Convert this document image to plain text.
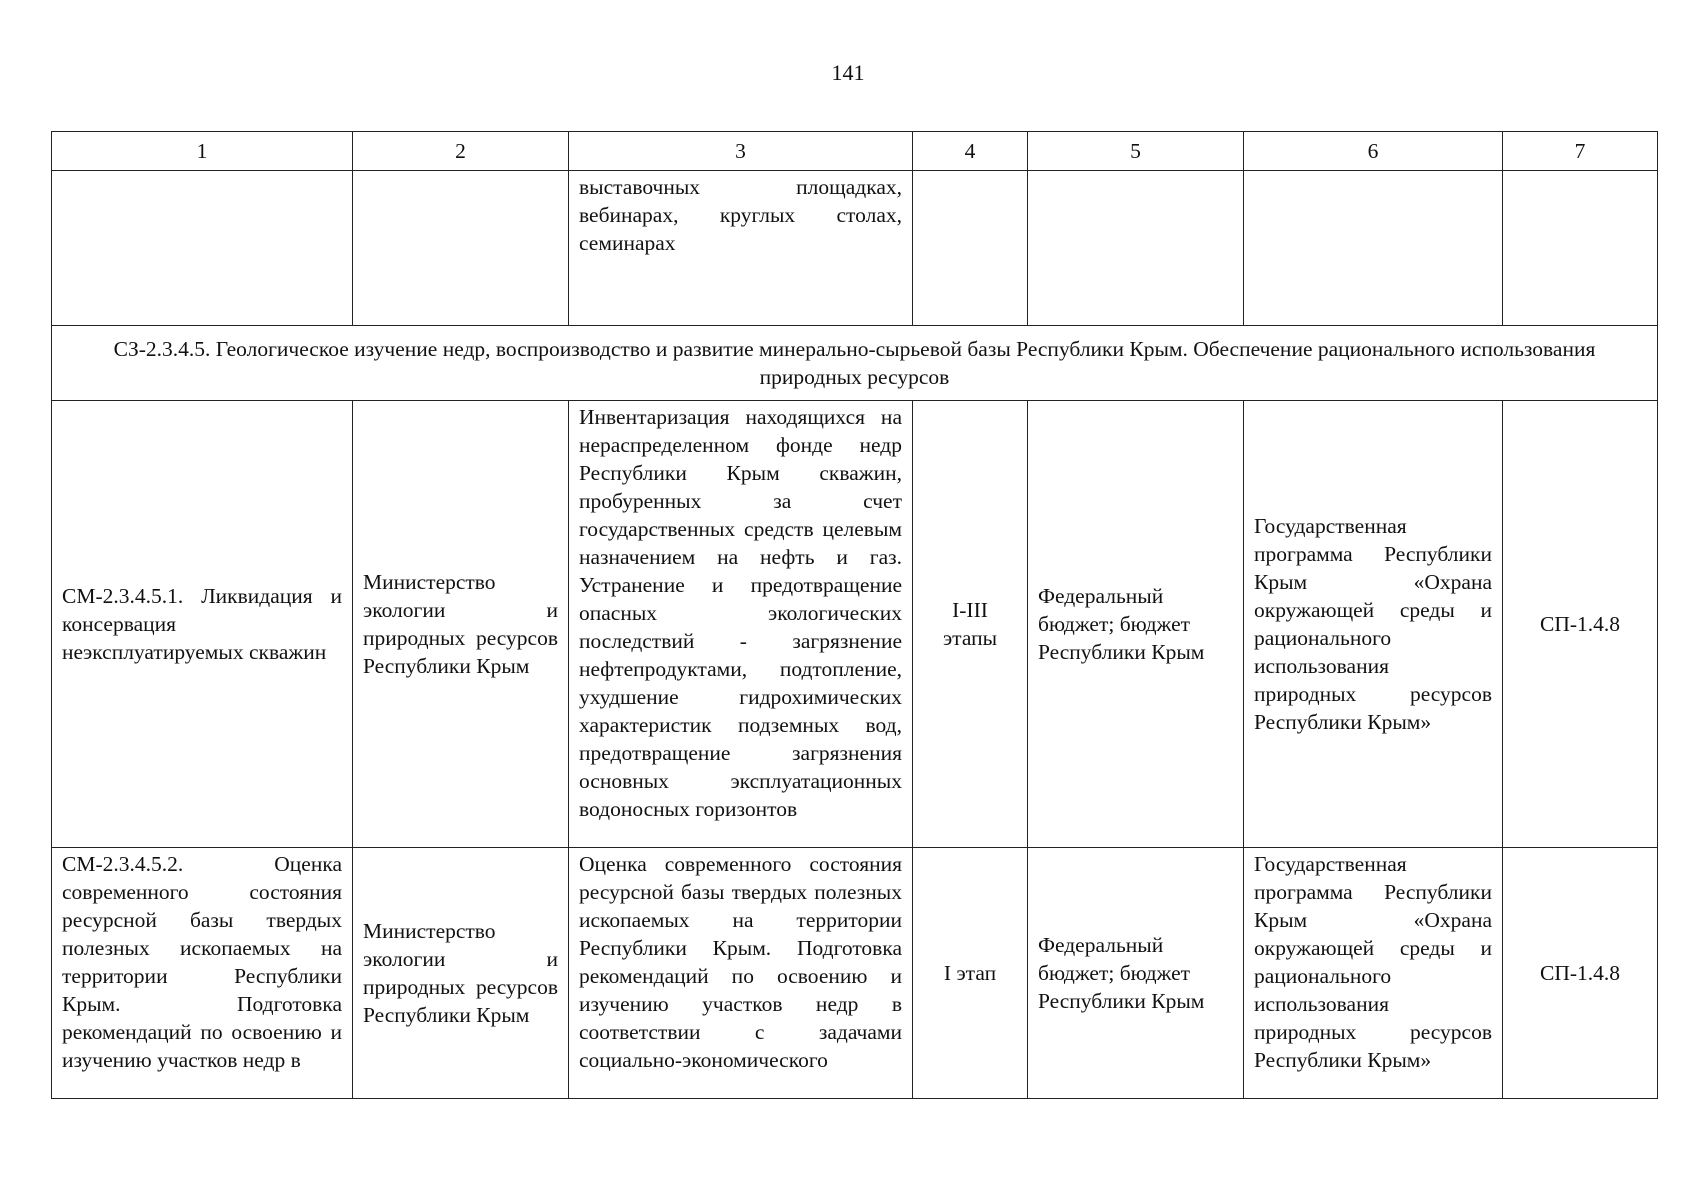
141
1	2	3	4	5	6	7
		выставочных площадках, вебинарах, круглых столах, семинарах				
СЗ-2.3.4.5. Геологическое изучение недр, воспроизводство и развитие минерально-сырьевой базы Республики Крым. Обеспечение рационального использования природных ресурсов						
СМ-2.3.4.5.1. Ликвидация и консервация неэксплуатируемых скважин	Министерство экологии и природных ресурсов Республики Крым	Инвентаризация находящихся на нераспределенном фонде недр Республики Крым скважин, пробуренных за счет государственных средств целевым назначением на нефть и газ. Устранение и предотвращение опасных экологических последствий - загрязнение нефтепродуктами, подтопление, ухудшение гидрохимических характеристик подземных вод, предотвращение загрязнения основных эксплуатационных водоносных горизонтов	I-III этапы	Федеральный бюджет; бюджет Республики Крым	Государственная программа Республики Крым «Охрана окружающей среды и рационального использования природных ресурсов Республики Крым»	СП-1.4.8
СМ-2.3.4.5.2. Оценка современного состояния ресурсной базы твердых полезных ископаемых на территории Республики Крым. Подготовка рекомендаций по освоению и изучению участков недр в	Министерство экологии и природных ресурсов Республики Крым	Оценка современного состояния ресурсной базы твердых полезных ископаемых на территории Республики Крым. Подготовка рекомендаций по освоению и изучению участков недр в соответствии с задачами социально-экономического	I этап	Федеральный бюджет; бюджет Республики Крым	Государственная программа Республики Крым «Охрана окружающей среды и рационального использования природных ресурсов Республики Крым»	СП-1.4.8
